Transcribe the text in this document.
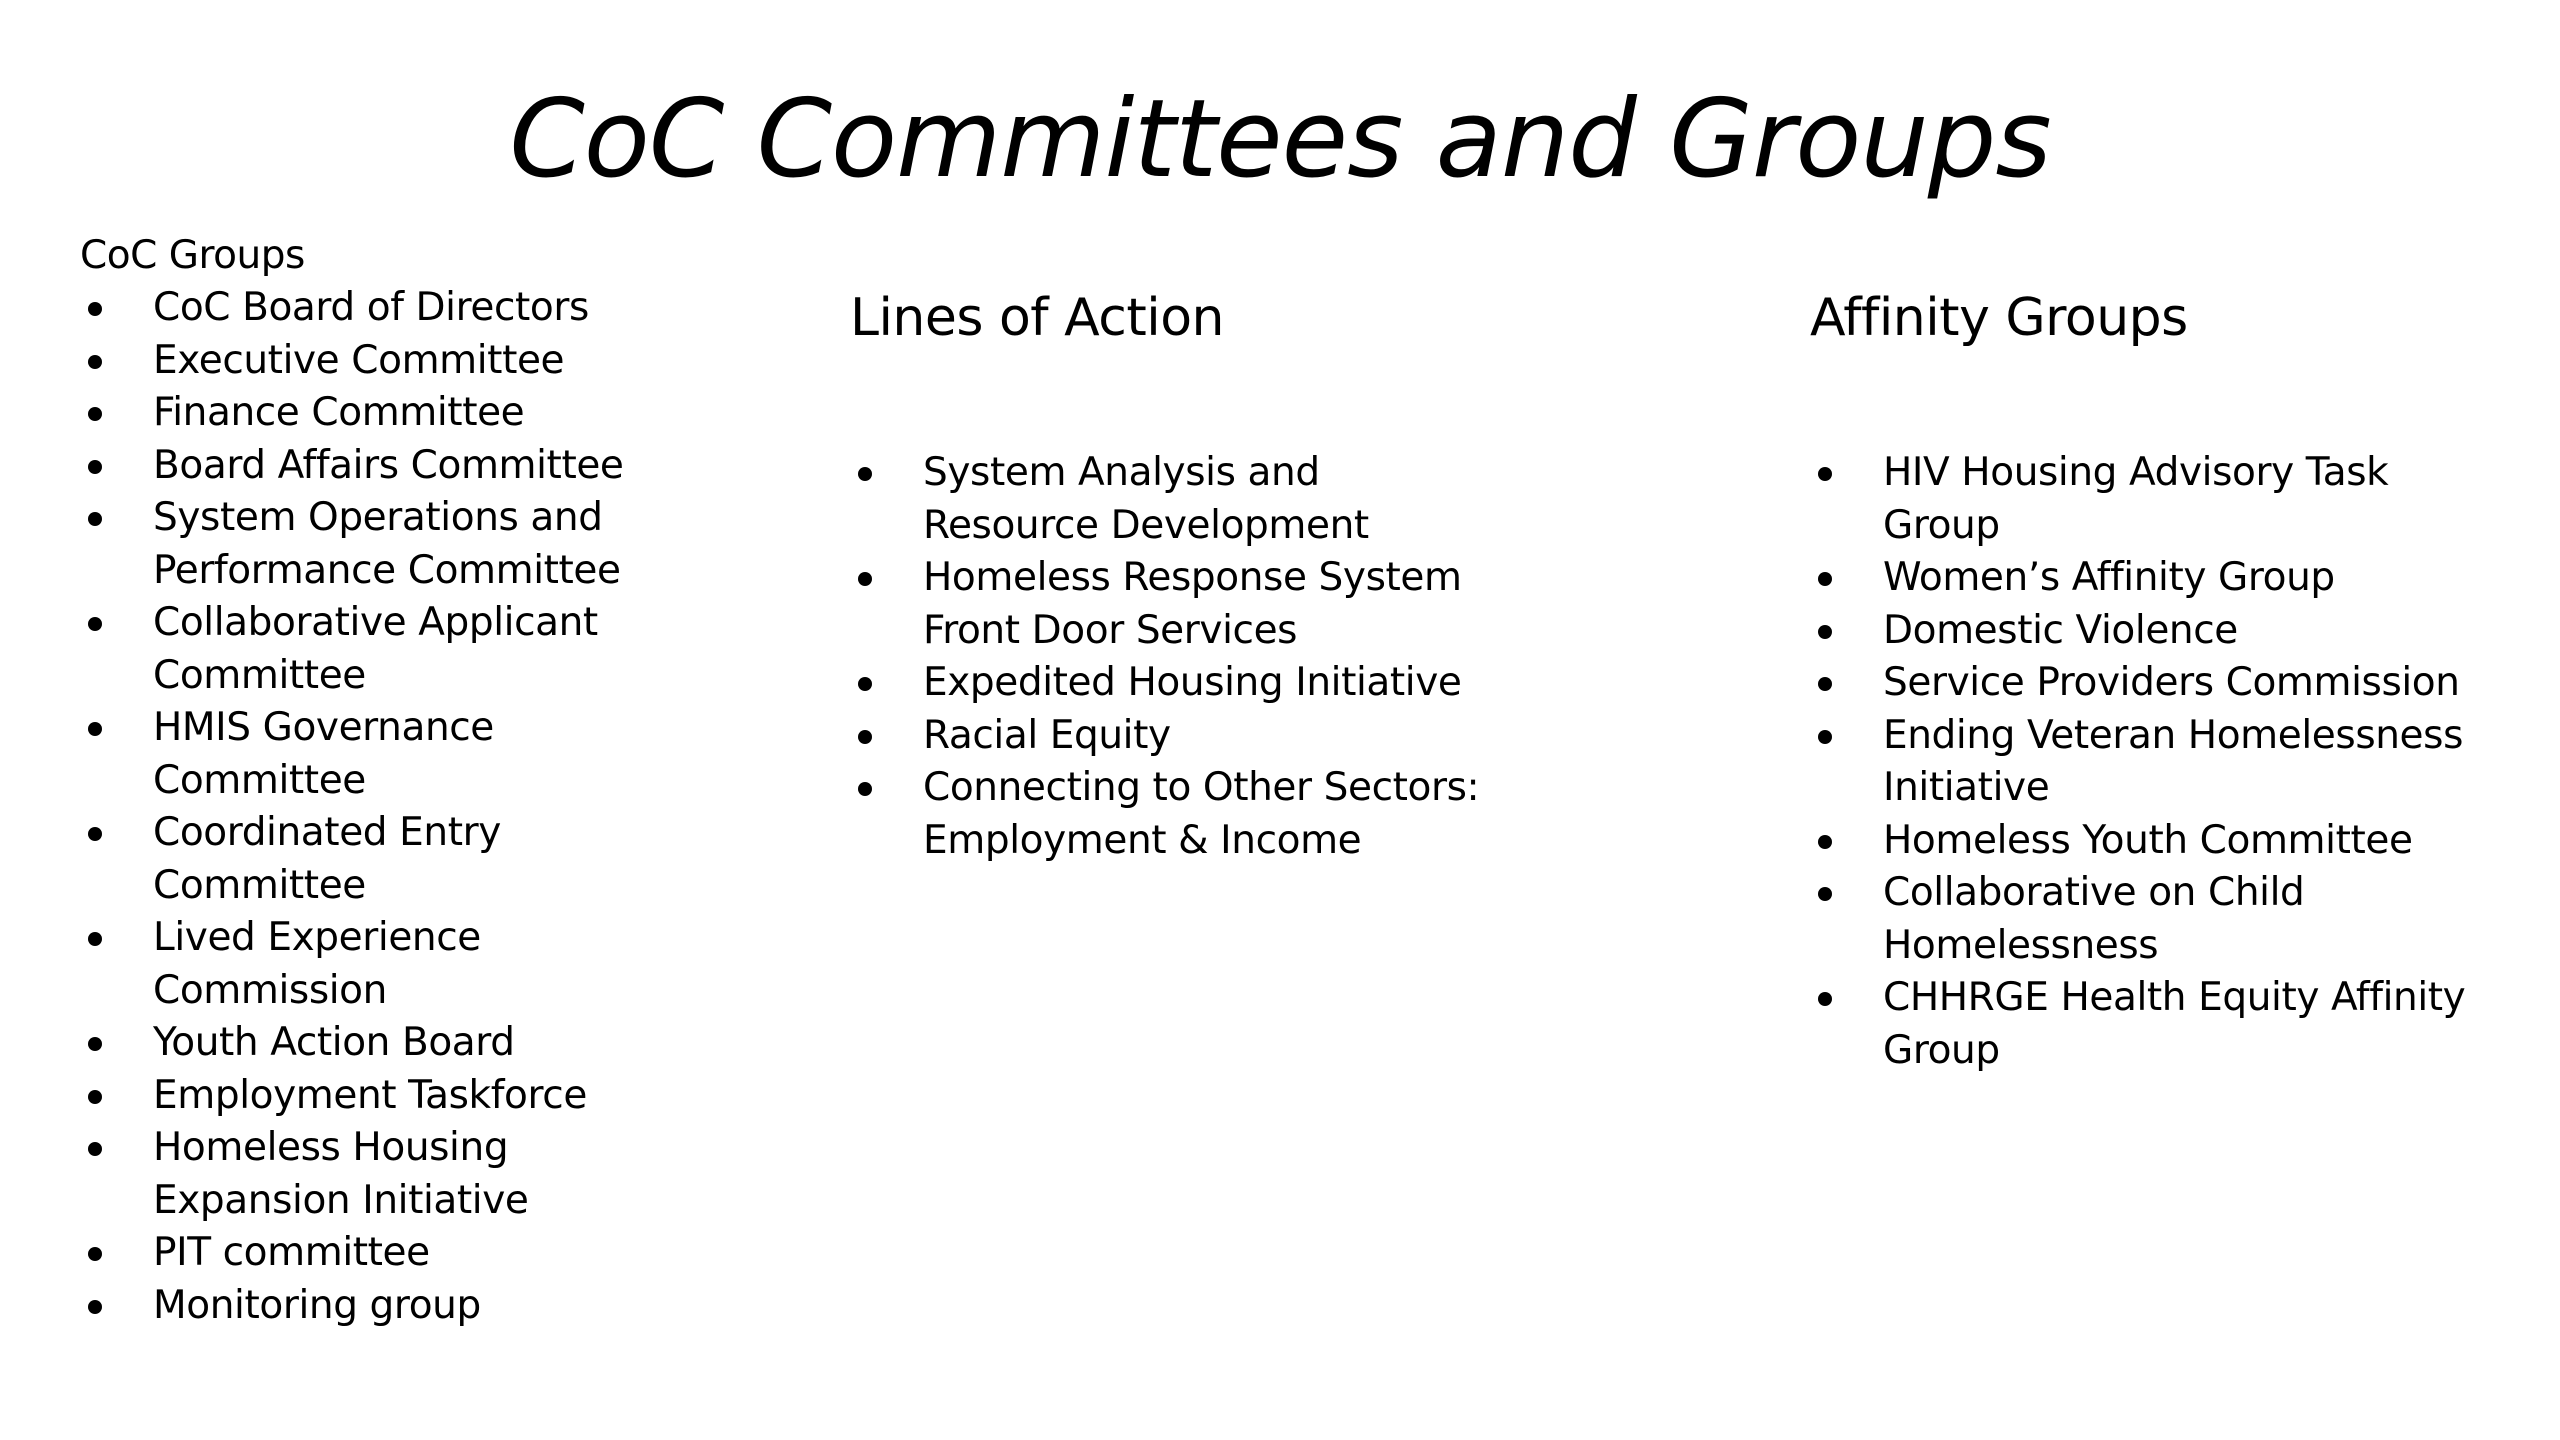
CoC Committees and Groups
CoC Groups
CoC Board of Directors
Executive Committee
Finance Committee
Board Affairs Committee
System Operations and
Performance Committee
Collaborative Applicant
Committee
HMIS Governance
Committee
Coordinated Entry
Committee
Lived Experience
Commission
Youth Action Board
Employment Taskforce
Homeless Housing
Expansion Initiative
PIT committee
Monitoring group
Lines of Action
System Analysis and
Resource Development
Homeless Response System
Front Door Services
Expedited Housing Initiative
Racial Equity
Connecting to Other Sectors:
Employment & Income
Affinity Groups
HIV Housing Advisory Task
Group
Women’s Affinity Group
Domestic Violence
Service Providers Commission
Ending Veteran Homelessness
Initiative
Homeless Youth Committee
Collaborative on Child
Homelessness
CHHRGE Health Equity Affinity
Group
